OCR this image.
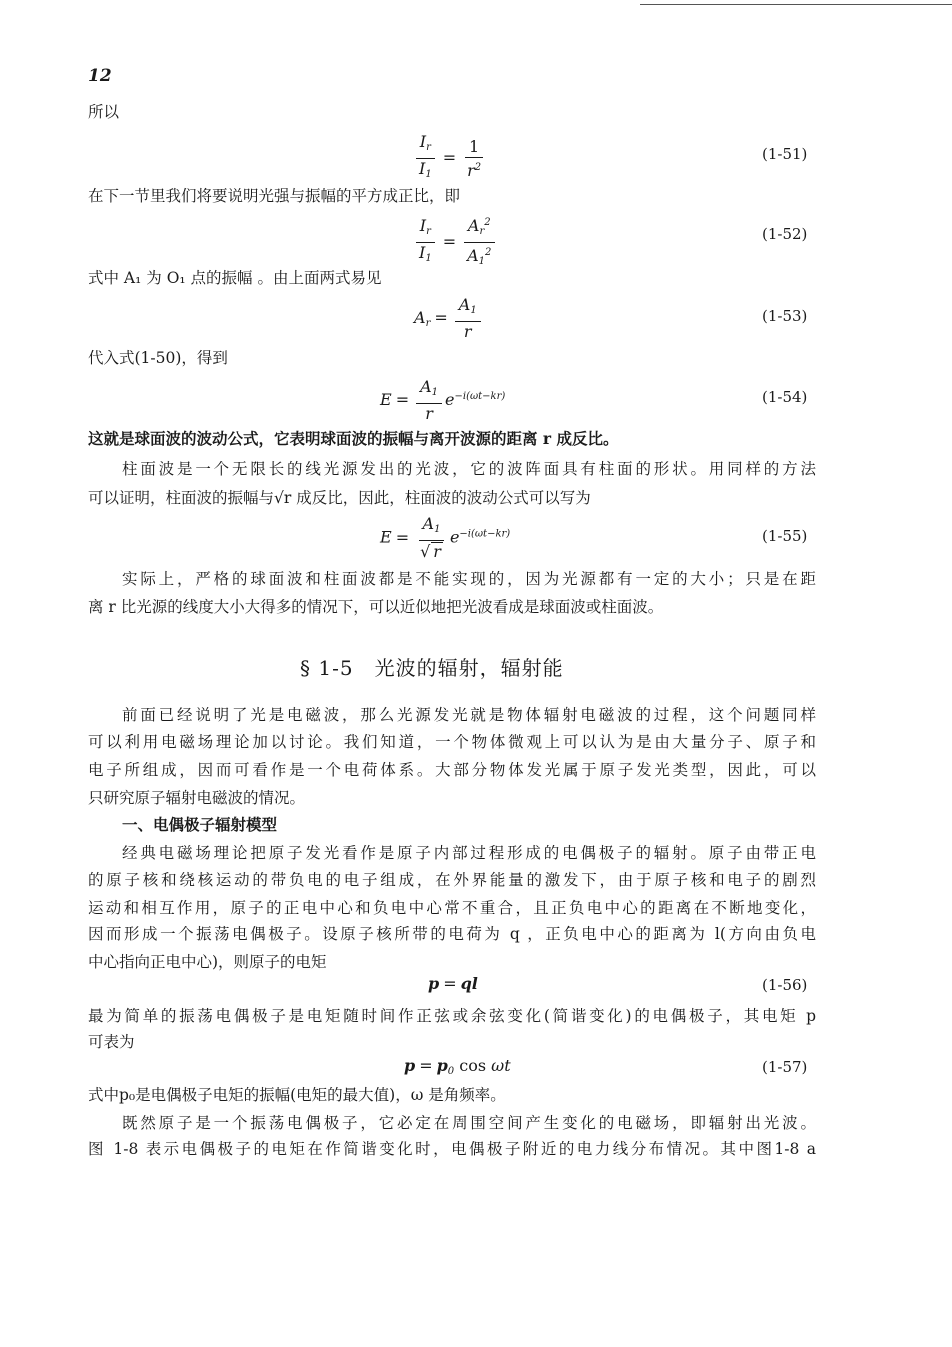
12
所以
$\frac{I_r}{I_1} = \frac{1}{r^2}$	(1-51)
在下一节里我们将要说明光强与振幅的平方成正比，即
$\frac{I_r}{I_1} = \frac{A_r^2}{A_1^2}$	(1-52)
式中 A₁ 为 O₁ 点的振幅 。由上面两式易见
$A_r = \frac{A_1}{r}$	(1-53)
代入式(1-50)，得到
$E = \frac{A_1}{r} e^{-i(\omega t-kr)}$	(1-54)
这就是球面波的波动公式，它表明球面波的振幅与离开波源的距离 r 成反比。
柱面波是一个无限长的线光源发出的光波，它的波阵面具有柱面的形状。用同样的方法
可以证明，柱面波的振幅与√r 成反比，因此，柱面波的波动公式可以写为
$E = \frac{A_1}{√ r} e^{-i(\omega t-kr)}$	(1-55)
实际上，严格的球面波和柱面波都是不能实现的，因为光源都有一定的大小；只是在距
离 r 比光源的线度大小大得多的情况下，可以近似地把光波看成是球面波或柱面波。
§ 1-5　光波的辐射，辐射能
前面已经说明了光是电磁波，那么光源发光就是物体辐射电磁波的过程，这个问题同样
可以利用电磁场理论加以讨论。我们知道，一个物体微观上可以认为是由大量分子、原子和
电子所组成，因而可看作是一个电荷体系。大部分物体发光属于原子发光类型，因此，可以
只研究原子辐射电磁波的情况。
一、电偶极子辐射模型
经典电磁场理论把原子发光看作是原子内部过程形成的电偶极子的辐射。原子由带正电
的原子核和绕核运动的带负电的电子组成，在外界能量的激发下，由于原子核和电子的剧烈
运动和相互作用，原子的正电中心和负电中心常不重合，且正负电中心的距离在不断地变化，
因而形成一个振荡电偶极子。设原子核所带的电荷为 q ，正负电中心的距离为 l(方向由负电
中心指向正电中心)，则原子的电矩
p = ql	(1-56)
最为简单的振荡电偶极子是电矩随时间作正弦或余弦变化(简谐变化)的电偶极子，其电矩 p
可表为
$p = p_0$ cos ωt	(1-57)
式中p₀是电偶极子电矩的振幅(电矩的最大值)，ω 是角频率。
既然原子是一个振荡电偶极子，它必定在周围空间产生变化的电磁场，即辐射出光波。
图 1-8 表示电偶极子的电矩在作简谐变化时，电偶极子附近的电力线分布情况。其中图1-8 a
